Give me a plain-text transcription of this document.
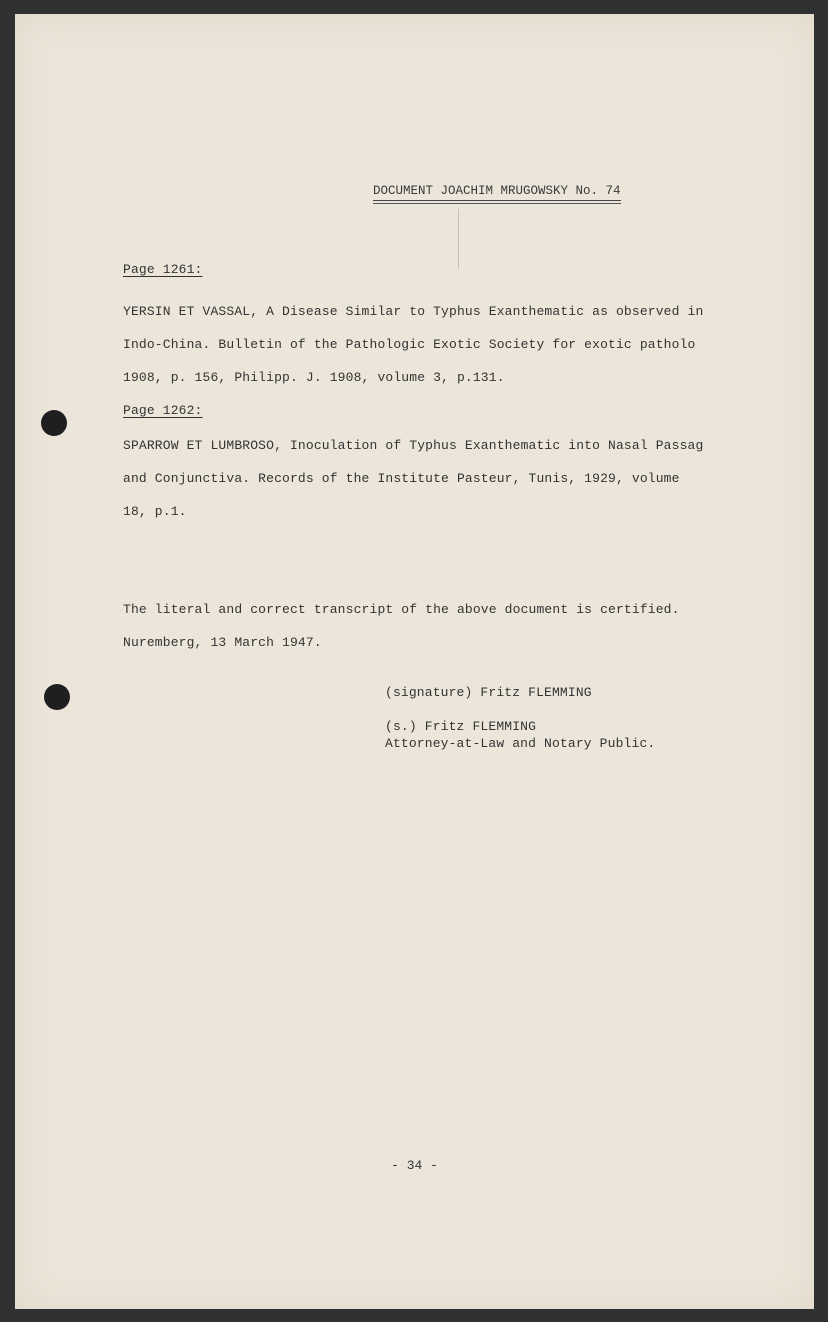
DOCUMENT JOACHIM MRUGOWSKY No. 74
Page 1261:
YERSIN ET VASSAL, A Disease Similar to Typhus Exanthematic as observed in
Indo-China. Bulletin of the Pathologic Exotic Society for exotic patholo
1908, p. 156, Philipp. J. 1908, volume 3, p.131.
Page 1262:
SPARROW ET LUMBROSO, Inoculation of Typhus Exanthematic into Nasal Passag
and Conjunctiva. Records of the Institute Pasteur, Tunis, 1929, volume
18, p.1.
The literal and correct transcript of the above document is certified.
Nuremberg, 13 March 1947.
(signature) Fritz FLEMMING
(s.) Fritz FLEMMING
Attorney-at-Law and Notary Public.
- 34 -
